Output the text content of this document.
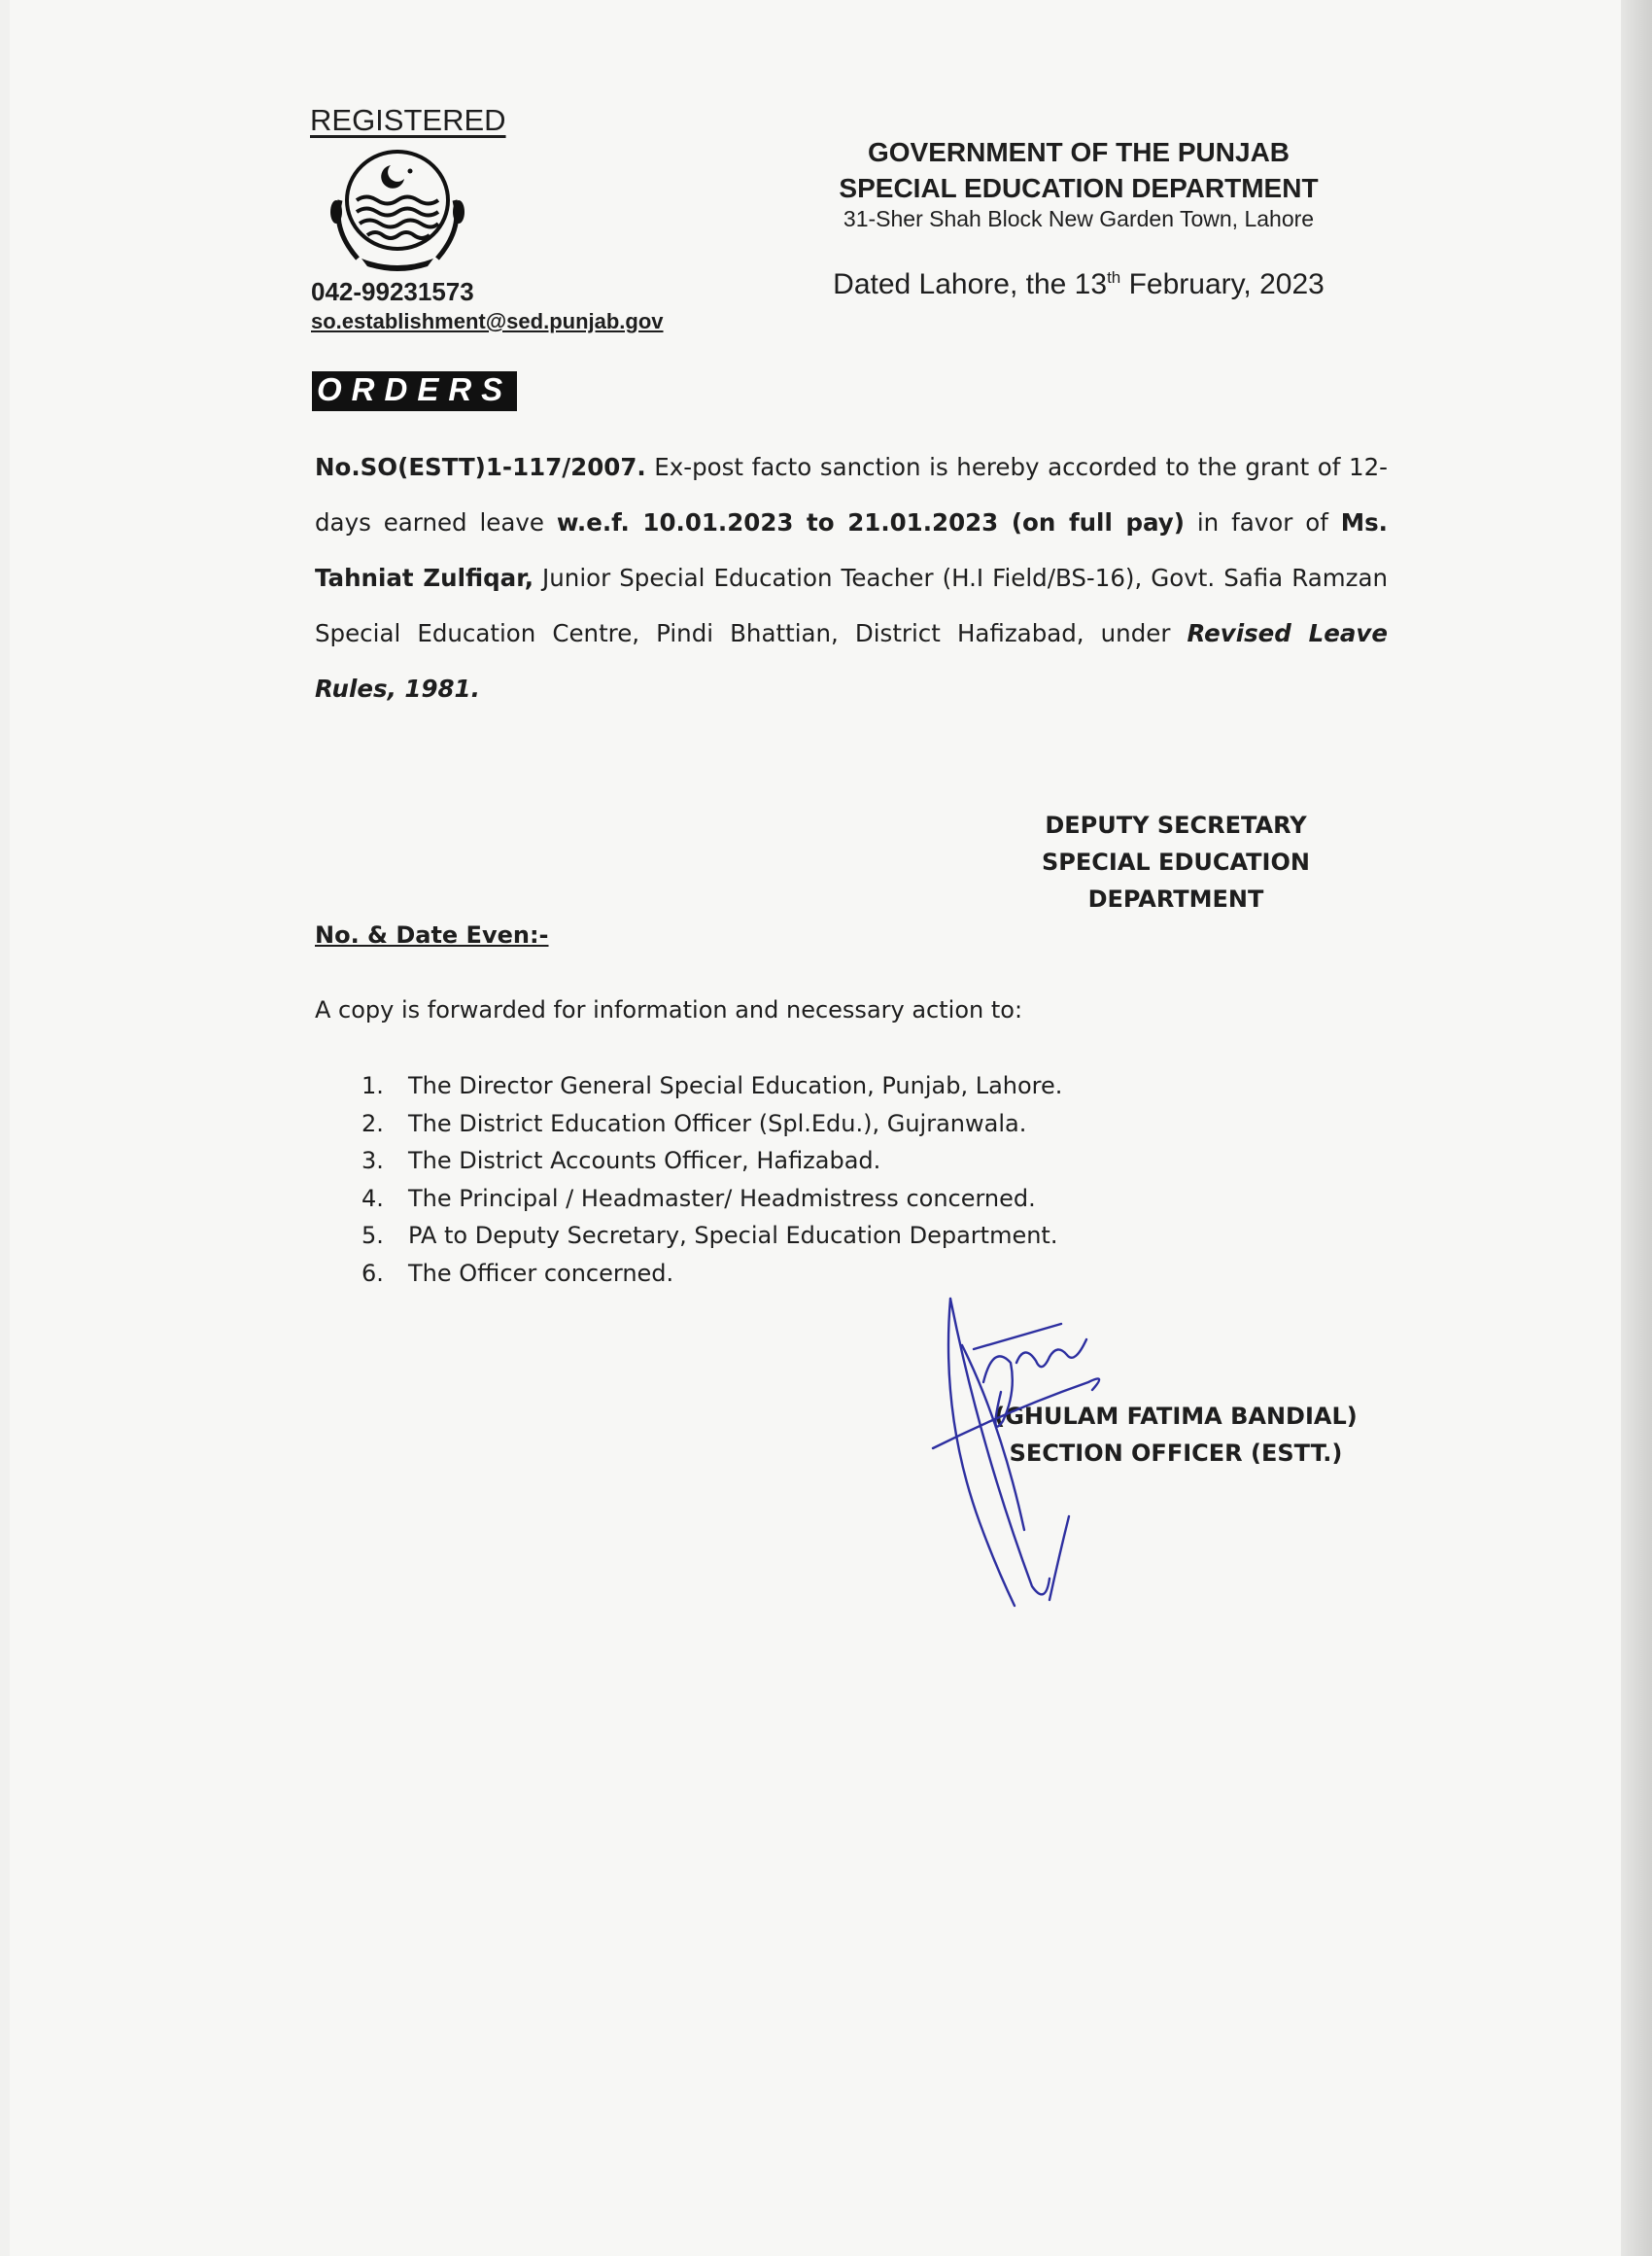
REGISTERED
042-99231573
so.establishment@sed.punjab.gov
GOVERNMENT OF THE PUNJAB
SPECIAL EDUCATION DEPARTMENT
31-Sher Shah Block New Garden Town, Lahore
Dated Lahore, the 13th February, 2023
ORDERS
No.SO(ESTT)1-117/2007. Ex-post facto sanction is hereby accorded to the grant of 12-days earned leave w.e.f. 10.01.2023 to 21.01.2023 (on full pay) in favor of Ms. Tahniat Zulfiqar, Junior Special Education Teacher (H.I Field/BS-16), Govt. Safia Ramzan Special Education Centre, Pindi Bhattian, District Hafizabad, under Revised Leave Rules, 1981.
DEPUTY SECRETARY
SPECIAL EDUCATION
DEPARTMENT
No. & Date Even:-
A copy is forwarded for information and necessary action to:
1. The Director General Special Education, Punjab, Lahore.
2. The District Education Officer (Spl.Edu.), Gujranwala.
3. The District Accounts Officer, Hafizabad.
4. The Principal / Headmaster/ Headmistress concerned.
5. PA to Deputy Secretary, Special Education Department.
6. The Officer concerned.
(GHULAM FATIMA BANDIAL)
SECTION OFFICER (ESTT.)
